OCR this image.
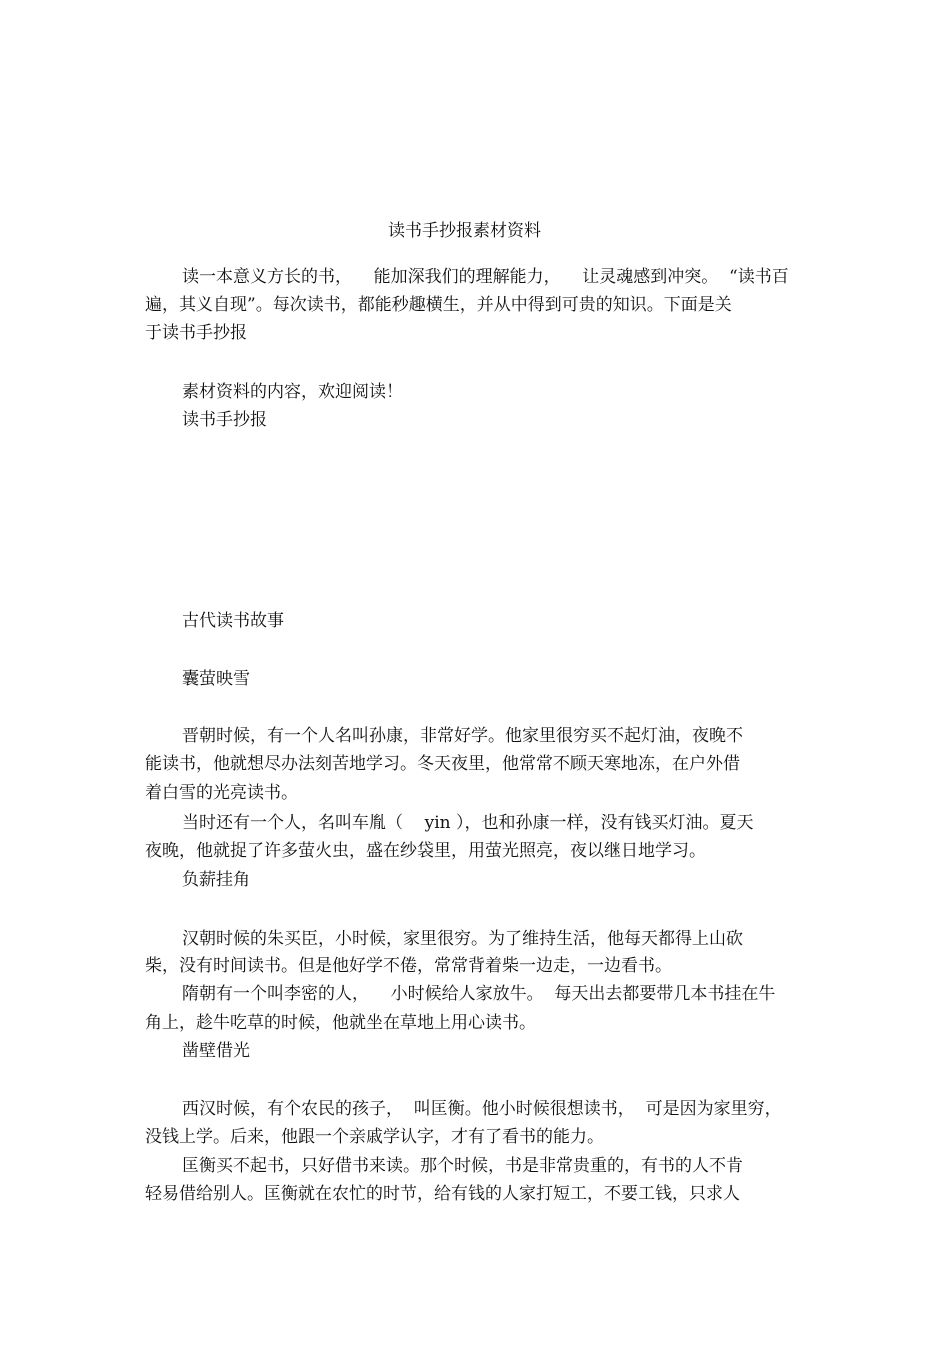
读书手抄报素材资料
读一本意义方长的书，    能加深我们的理解能力，    让灵魂感到冲突。  “读书百
遍，其义自现”。每次读书，都能秒趣横生，并从中得到可贵的知识。下面是关
于读书手抄报
素材资料的内容，欢迎阅读！
读书手抄报
古代读书故事
囊萤映雪
晋朝时候，有一个人名叫孙康，非常好学。他家里很穷买不起灯油，夜晚不
能读书，他就想尽办法刻苦地学习。冬天夜里，他常常不顾天寒地冻，在户外借
着白雪的光亮读书。
当时还有一个人，名叫车胤（    yin ），也和孙康一样，没有钱买灯油。夏天
夜晚，他就捉了许多萤火虫，盛在纱袋里，用萤光照亮，夜以继日地学习。
负薪挂角
汉朝时候的朱买臣，小时候，家里很穷。为了维持生活，他每天都得上山砍
柴，没有时间读书。但是他好学不倦，常常背着柴一边走，一边看书。
隋朝有一个叫李密的人，    小时候给人家放牛。  每天出去都要带几本书挂在牛
角上，趁牛吃草的时候，他就坐在草地上用心读书。
凿壁借光
西汉时候，有个农民的孩子，  叫匡衡。他小时候很想读书，  可是因为家里穷，
没钱上学。后来，他跟一个亲戚学认字，才有了看书的能力。
匡衡买不起书，只好借书来读。那个时候，书是非常贵重的，有书的人不肯
轻易借给别人。匡衡就在农忙的时节，给有钱的人家打短工，不要工钱，只求人
